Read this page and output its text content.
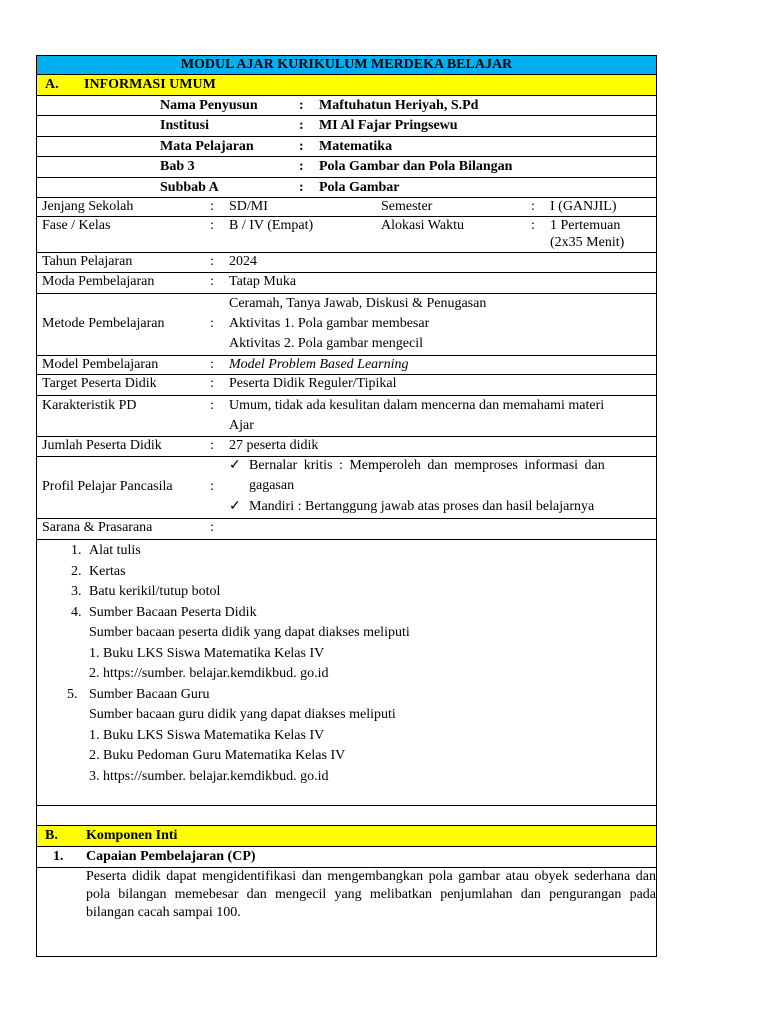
MODUL AJAR KURIKULUM MERDEKA BELAJAR
A. INFORMASI UMUM
Nama Penyusun	: Maftuhatun Heriyah, S.Pd
Institusi	: MI Al Fajar Pringsewu
Mata Pelajaran	: Matematika
Bab 3	: Pola Gambar dan Pola Bilangan
Subbab A	: Pola Gambar
Jenjang Sekolah	: SD/MI	Semester	: I (GANJIL)
Fase / Kelas	: B / IV (Empat)	Alokasi Waktu	: 1 Pertemuan
(2x35 Menit)
Tahun Pelajaran	: 2024
Moda Pembelajaran	: Tatap Muka
Metode Pembelajaran	:
Ceramah, Tanya Jawab, Diskusi & Penugasan
Aktivitas 1. Pola gambar membesar
Aktivitas 2. Pola gambar mengecil
Model Pembelajaran	: Model Problem Based Learning
Target Peserta Didik	: Peserta Didik Reguler/Tipikal
Karakteristik PD	: Umum, tidak ada kesulitan dalam mencerna dan memahami materi
Ajar
Jumlah Peserta Didik	: 27 peserta didik
Profil Pelajar Pancasila	:
✓ Bernalar kritis : Memperoleh dan memproses informasi dan
gagasan
✓ Mandiri : Bertanggung jawab atas proses dan hasil belajarnya
Sarana & Prasarana	:
1. Alat tulis
2. Kertas
3. Batu kerikil/tutup botol
4. Sumber Bacaan Peserta Didik
Sumber bacaan peserta didik yang dapat diakses meliputi
1. Buku LKS Siswa Matematika Kelas IV
2. https://sumber. belajar.kemdikbud. go.id
5. Sumber Bacaan Guru
Sumber bacaan guru didik yang dapat diakses meliputi
1. Buku LKS Siswa Matematika Kelas IV
2. Buku Pedoman Guru Matematika Kelas IV
3. https://sumber. belajar.kemdikbud. go.id
B. Komponen Inti
1. Capaian Pembelajaran (CP)
Peserta didik dapat mengidentifikasi dan mengembangkan pola gambar atau obyek sederhana dan pola bilangan memebesar dan mengecil yang melibatkan penjumlahan dan pengurangan pada bilangan cacah sampai 100.
